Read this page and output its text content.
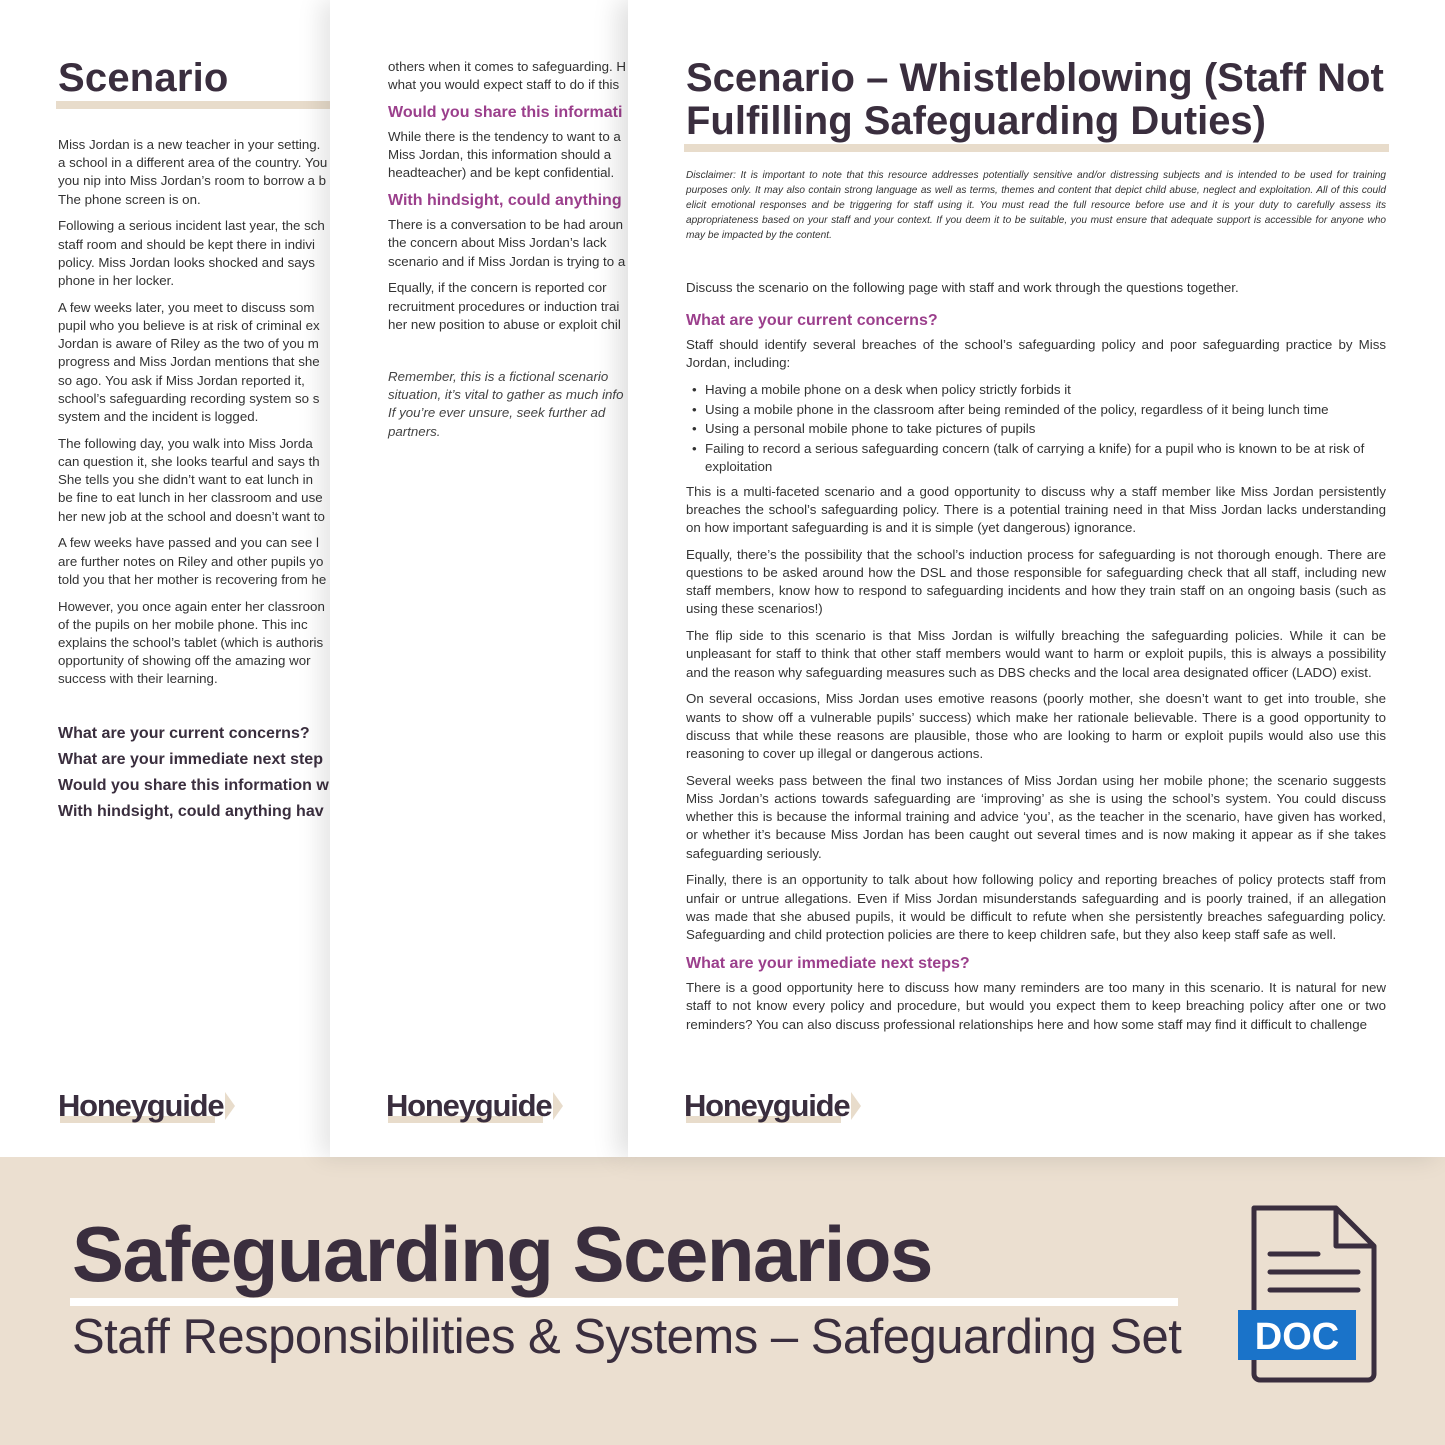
Scenario

Miss Jordan is a new teacher in your setting.
a school in a different area of the country. You
you nip into Miss Jordan’s room to borrow a b
The phone screen is on.

Following a serious incident last year, the sch
staff room and should be kept there in indivi
policy. Miss Jordan looks shocked and says
phone in her locker.

A few weeks later, you meet to discuss som
pupil who you believe is at risk of criminal ex
Jordan is aware of Riley as the two of you m
progress and Miss Jordan mentions that she
so ago. You ask if Miss Jordan reported it,
school’s safeguarding recording system so s
system and the incident is logged.

The following day, you walk into Miss Jorda
can question it, she looks tearful and says th
She tells you she didn’t want to eat lunch in
be fine to eat lunch in her classroom and use
her new job at the school and doesn’t want to

A few weeks have passed and you can see l
are further notes on Riley and other pupils yo
told you that her mother is recovering from he

However, you once again enter her classroon
of the pupils on her mobile phone. This inc
explains the school’s tablet (which is authoris
opportunity of showing off the amazing wor
success with their learning.

What are your current concerns?
What are your immediate next step
Would you share this information w
With hindsight, could anything hav
Honeyguide

others when it comes to safeguarding. H
what you would expect staff to do if this

Would you share this informati

While there is the tendency to want to a
Miss Jordan, this information should a
headteacher) and be kept confidential.

With hindsight, could anything

There is a conversation to be had aroun
the concern about Miss Jordan’s lack
scenario and if Miss Jordan is trying to a

Equally, if the concern is reported cor
recruitment procedures or induction trai
her new position to abuse or exploit chil

Remember, this is a fictional scenario
situation, it’s vital to gather as much info
If you’re ever unsure, seek further ad
partners.
Honeyguide
Scenario – Whistleblowing (Staff Not Fulfilling Safeguarding Duties)
Disclaimer: It is important to note that this resource addresses potentially sensitive and/or distressing subjects and is intended to be used for training purposes only. It may also contain strong language as well as terms, themes and content that depict child abuse, neglect and exploitation. All of this could elicit emotional responses and be triggering for staff using it. You must read the full resource before use and it is your duty to carefully assess its appropriateness based on your staff and your context. If you deem it to be suitable, you must ensure that adequate support is accessible for anyone who may be impacted by the content.
Discuss the scenario on the following page with staff and work through the questions together.
What are your current concerns?

Staff should identify several breaches of the school’s safeguarding policy and poor safeguarding practice by Miss Jordan, including:

• Having a mobile phone on a desk when policy strictly forbids it
• Using a mobile phone in the classroom after being reminded of the policy, regardless of it being lunch time
• Using a personal mobile phone to take pictures of pupils
• Failing to record a serious safeguarding concern (talk of carrying a knife) for a pupil who is known to be at risk of exploitation

This is a multi-faceted scenario and a good opportunity to discuss why a staff member like Miss Jordan persistently breaches the school’s safeguarding policy. There is a potential training need in that Miss Jordan lacks understanding on how important safeguarding is and it is simple (yet dangerous) ignorance.

Equally, there’s the possibility that the school’s induction process for safeguarding is not thorough enough. There are questions to be asked around how the DSL and those responsible for safeguarding check that all staff, including new staff members, know how to respond to safeguarding incidents and how they train staff on an ongoing basis (such as using these scenarios!)

The flip side to this scenario is that Miss Jordan is wilfully breaching the safeguarding policies. While it can be unpleasant for staff to think that other staff members would want to harm or exploit pupils, this is always a possibility and the reason why safeguarding measures such as DBS checks and the local area designated officer (LADO) exist.

On several occasions, Miss Jordan uses emotive reasons (poorly mother, she doesn’t want to get into trouble, she wants to show off a vulnerable pupils’ success) which make her rationale believable. There is a good opportunity to discuss that while these reasons are plausible, those who are looking to harm or exploit pupils would also use this reasoning to cover up illegal or dangerous actions.

Several weeks pass between the final two instances of Miss Jordan using her mobile phone; the scenario suggests Miss Jordan’s actions towards safeguarding are ‘improving’ as she is using the school’s system. You could discuss whether this is because the informal training and advice ‘you’, as the teacher in the scenario, have given has worked, or whether it’s because Miss Jordan has been caught out several times and is now making it appear as if she takes safeguarding seriously.

Finally, there is an opportunity to talk about how following policy and reporting breaches of policy protects staff from unfair or untrue allegations. Even if Miss Jordan misunderstands safeguarding and is poorly trained, if an allegation was made that she abused pupils, it would be difficult to refute when she persistently breaches safeguarding policy. Safeguarding and child protection policies are there to keep children safe, but they also keep staff safe as well.

What are your immediate next steps?

There is a good opportunity here to discuss how many reminders are too many in this scenario. It is natural for new staff to not know every policy and procedure, but would you expect them to keep breaching policy after one or two reminders? You can also discuss professional relationships here and how some staff may find it difficult to challenge

Honeyguide
Safeguarding Scenarios
Staff Responsibilities & Systems – Safeguarding Set DOC
